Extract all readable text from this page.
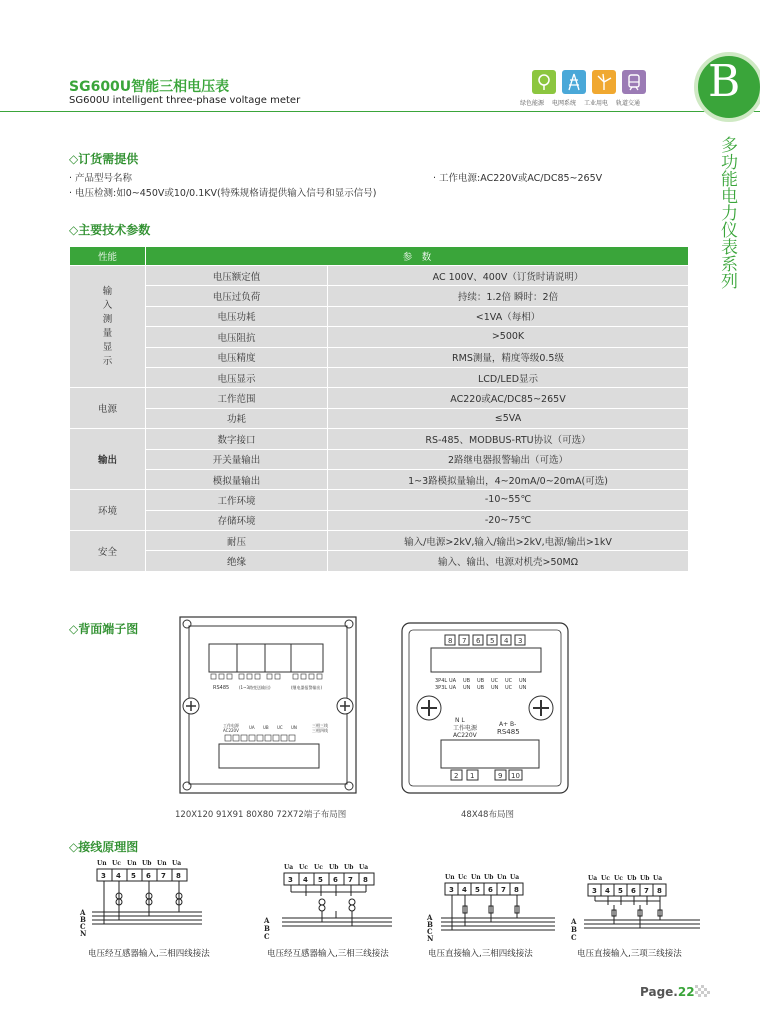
SG600U智能三相电压表
SG600U intelligent three-phase voltage meter	绿色能源	电网系统	工业用电	轨道交通 B
多功能电力仪表系列
◇订货需提供
· 产品型号名称
· 电压检测:如0~450V或10/0.1KV(特殊规格请提供输入信号和显示信号)
· 工作电源:AC220V或AC/DC85~265V
◇主要技术参数
性能	参　数	
输入测量显示	电压额定值	AC 100V、400V（订货时请说明）
	电压过负荷	持续：1.2倍 瞬时：2倍
	电压功耗	<1VA（每相）
	电压阻抗	>500K
	电压精度	RMS测量，精度等级0.5级
	电压显示	LCD/LED显示
电源	工作范围	AC220或AC/DC85~265V
	功耗	≤5VA
输出	数字接口	RS-485、MODBUS-RTU协议（可选）
	开关量输出	2路继电器报警输出（可选）
	模拟量输出	1~3路模拟量输出，4~20mA/0~20mA(可选)
环境	工作环境	-10~55℃
	存储环境	-20~75℃
安全	耐压	输入/电源>2kV,输入/输出>2kV,电源/输出>1kV
	绝缘	输入、输出、电源对机壳>50MΩ
◇背面端子图
RS485 (1~3路变送输出)	(继电器报警输出)
工作电源
AC220V
三相三线
三相四线
UA UB UC UN
120X120 91X91 80X80 72X72端子布局图
8 7 6 5 4 3
3P4L
3P3L
UA UB UB UC UC UN
UA UN UB UN UC UN
N L
工作电源
AC220V
A+ B-
RS485
2 1	9 10
48X48布局图
◇接线原理图
Un Uc Un Ub Un Ua
3 4 5 6 7 8
A
B
C
N
电压经互感器输入,三相四线接法
Ua Uc Uc Ub Ub Ua
3 4 5 6 7 8
A
B
C
电压经互感器输入,三相三线接法
Un Uc Un Ub Un Ua
3 4 5 6 7 8
A
B
C
N
电压直接输入,三相四线接法
Ua Uc Uc Ub Ub Ua
3 4 5 6 7 8
A
B
C
电压直接输入,三项三线接法
Page.22
